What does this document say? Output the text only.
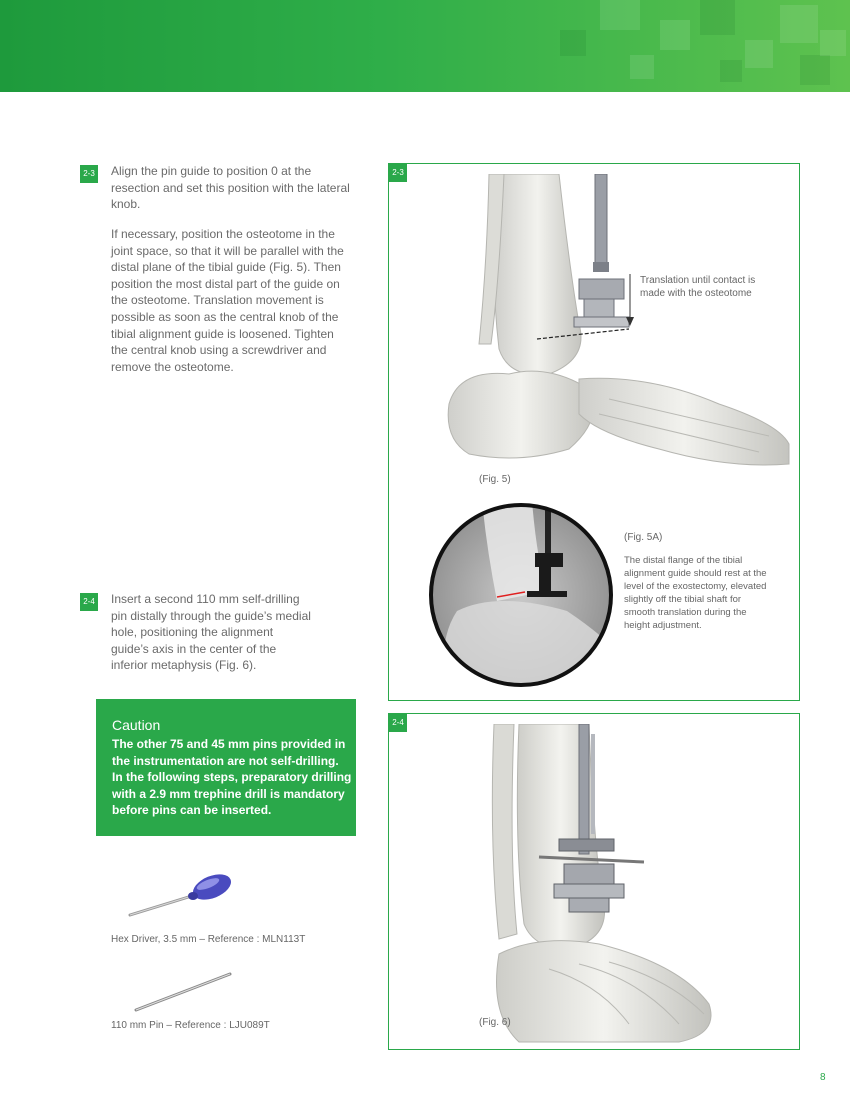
2-3 Align the pin guide to position 0 at the resection and set this position with the lateral knob.
If necessary, position the osteotome in the joint space, so that it will be parallel with the distal plane of the tibial guide (Fig. 5). Then position the most distal part of the guide on the osteotome. Translation movement is possible as soon as the central knob of the tibial alignment guide is loosened. Tighten the central knob using a screwdriver and remove the osteotome.
2-4 Insert a second 110 mm self-drilling pin distally through the guide’s medial hole, positioning the alignment guide’s axis in the center of the inferior metaphysis (Fig. 6).
Caution
The other 75 and 45 mm pins provided in the instrumentation are not self-drilling. In the following steps, preparatory drilling with a 2.9 mm trephine drill is mandatory before pins can be inserted.
Hex Driver, 3.5 mm – Reference : MLN113T
110 mm Pin – Reference : LJU089T
2-3
Translation until contact is made with the osteotome
(Fig. 5)
(Fig. 5A)
The distal flange of the tibial alignment guide should rest at the level of the exostectomy, elevated slightly off the tibial shaft for smooth translation during the height adjustment.
2-4
(Fig. 6)
8
